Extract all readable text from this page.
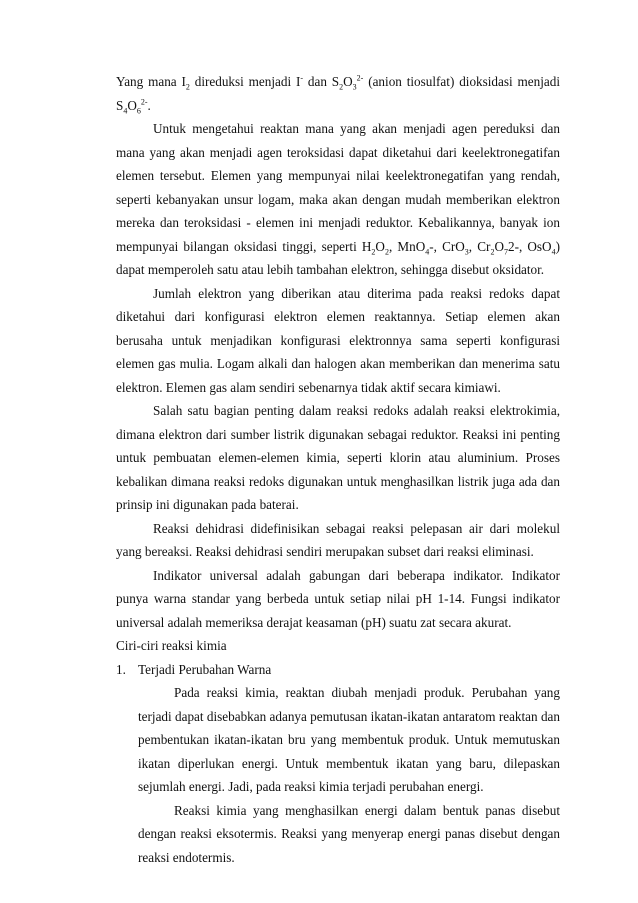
Yang mana $I_2$ direduksi menjadi I- dan $S_2O_3^{2-}$ (anion tiosulfat) dioksidasi menjadi $S_4O_6^{2-}$.

Untuk mengetahui reaktan mana yang akan menjadi agen pereduksi dan mana yang akan menjadi agen teroksidasi dapat diketahui dari keelektronegatifan elemen tersebut. Elemen yang mempunyai nilai keelektronegatifan yang rendah, seperti kebanyakan unsur logam, maka akan dengan mudah memberikan elektron mereka dan teroksidasi - elemen ini menjadi reduktor. Kebalikannya, banyak ion mempunyai bilangan oksidasi tinggi, seperti $H_2O_2$, MnO$_4$-, CrO$_3$, $Cr_2O_72-$, OsO$_4$) dapat memperoleh satu atau lebih tambahan elektron, sehingga disebut oksidator.

Jumlah elektron yang diberikan atau diterima pada reaksi redoks dapat diketahui dari konfigurasi elektron elemen reaktannya. Setiap elemen akan berusaha untuk menjadikan konfigurasi elektronnya sama seperti konfigurasi elemen gas mulia. Logam alkali dan halogen akan memberikan dan menerima satu elektron. Elemen gas alam sendiri sebenarnya tidak aktif secara kimiawi.

Salah satu bagian penting dalam reaksi redoks adalah reaksi elektrokimia, dimana elektron dari sumber listrik digunakan sebagai reduktor. Reaksi ini penting untuk pembuatan elemen-elemen kimia, seperti klorin atau aluminium. Proses kebalikan dimana reaksi redoks digunakan untuk menghasilkan listrik juga ada dan prinsip ini digunakan pada baterai.

Reaksi dehidrasi didefinisikan sebagai reaksi pelepasan air dari molekul yang bereaksi. Reaksi dehidrasi sendiri merupakan subset dari reaksi eliminasi.

Indikator universal adalah gabungan dari beberapa indikator. Indikator punya warna standar yang berbeda untuk setiap nilai pH 1-14. Fungsi indikator universal adalah memeriksa derajat keasaman (pH) suatu zat secara akurat.

Ciri-ciri reaksi kimia

1. Terjadi Perubahan Warna

Pada reaksi kimia, reaktan diubah menjadi produk. Perubahan yang terjadi dapat disebabkan adanya pemutusan ikatan-ikatan antaratom reaktan dan pembentukan ikatan-ikatan bru yang membentuk produk. Untuk memutuskan ikatan diperlukan energi. Untuk membentuk ikatan yang baru, dilepaskan sejumlah energi. Jadi, pada reaksi kimia terjadi perubahan energi.

Reaksi kimia yang menghasilkan energi dalam bentuk panas disebut dengan reaksi eksotermis. Reaksi yang menyerap energi panas disebut dengan reaksi endotermis.
